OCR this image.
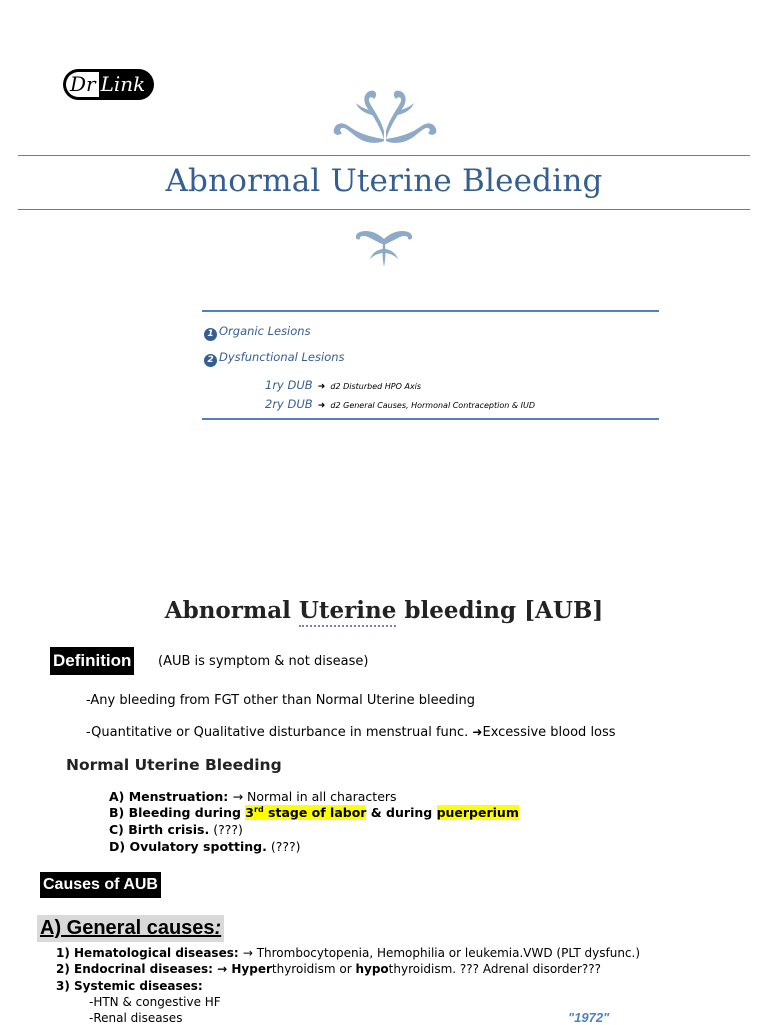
Dr Link
Abnormal Uterine Bleeding
1 Organic Lesions
2 Dysfunctional Lesions
1ry DUB ➜ d2 Disturbed HPO Axis
2ry DUB ➜ d2 General Causes, Hormonal Contraception & IUD
Abnormal Uterine bleeding [AUB]
Definition (AUB is symptom & not disease)
-Any bleeding from FGT other than Normal Uterine bleeding
-Quantitative or Qualitative disturbance in menstrual func. ➜Excessive blood loss
Normal Uterine Bleeding
A) Menstruation: → Normal in all characters
B) Bleeding during 3rd stage of labor & during puerperium
C) Birth crisis. (???)
D) Ovulatory spotting. (???)
Causes of AUB
A) General causes:
1) Hematological diseases: → Thrombocytopenia, Hemophilia or leukemia.VWD (PLT dysfunc.)
2) Endocrinal diseases: → Hyperthyroidism or hypothyroidism. ??? Adrenal disorder???
3) Systemic diseases:
-HTN & congestive HF
-Renal diseases	"1972"
